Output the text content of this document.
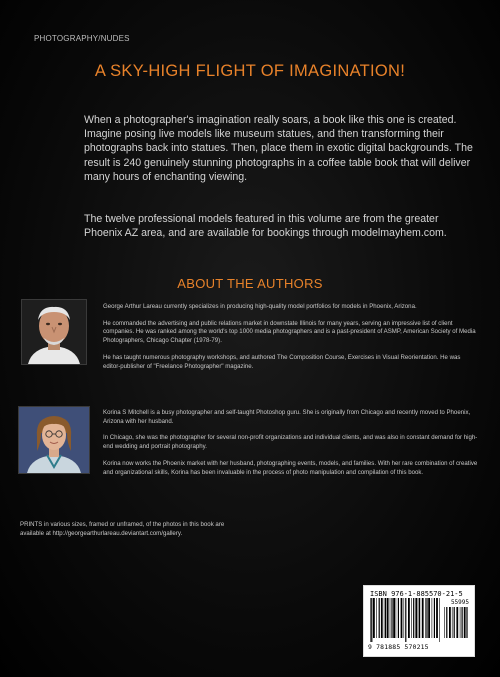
PHOTOGRAPHY/NUDES
A SKY-HIGH FLIGHT OF IMAGINATION!
When a photographer's imagination really soars, a book like this one is created. Imagine posing live models like museum statues, and then transforming their photographs back into statues. Then, place them in exotic digital backgrounds. The result is 240 genuinely stunning photographs in a coffee table book that will deliver many hours of enchanting viewing.
The twelve professional models featured in this volume are from the greater Phoenix AZ area, and are available for bookings through modelmayhem.com.
ABOUT THE AUTHORS

George Arthur Lareau currently specializes in producing high-quality model portfolios for models in Phoenix, Arizona.

He commanded the advertising and public relations market in downstate Illinois for many years, serving an impressive list of client companies. He was ranked among the world's top 1000 media photographers and is a past-president of ASMP, American Society of Media Photographers, Chicago Chapter (1978-79).

He has taught numerous photography workshops, and authored The Composition Course, Exercises in Visual Reorientation. He was editor-publisher of "Freelance Photographer" magazine.

Korina S Mitchell is a busy photographer and self-taught Photoshop guru. She is originally from Chicago and recently moved to Phoenix, Arizona with her husband.

In Chicago, she was the photographer for several non-profit organizations and individual clients, and was also in constant demand for high-end wedding and portrait photography.

Korina now works the Phoenix market with her husband, photographing events, models, and families. With her rare combination of creative and organizational skills, Korina has been invaluable in the process of photo manipulation and compilation of this book.

PRINTS in various sizes, framed or unframed, of the photos in this book are
available at http://georgearthurlareau.deviantart.com/gallery.
ISBN 976-1-885570-21-5
55995
9 781885 570215
